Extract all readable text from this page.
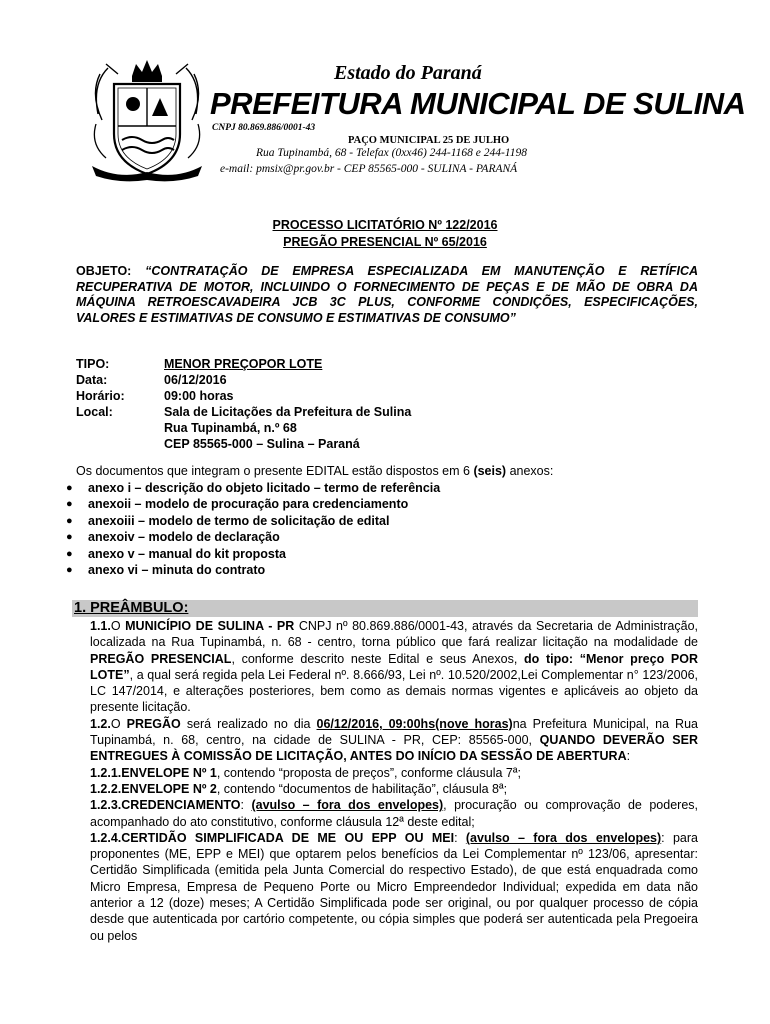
Estado do Paraná
PREFEITURA MUNICIPAL DE SULINA
CNPJ 80.869.886/0001-43
PAÇO MUNICIPAL 25 DE JULHO
Rua Tupinambá, 68 - Telefax (0xx46) 244-1168 e 244-1198
e-mail: pmsix@pr.gov.br - CEP 85565-000 - SULINA - PARANÁ
PROCESSO LICITATÓRIO Nº 122/2016
PREGÃO PRESENCIAL Nº 65/2016
OBJETO: “CONTRATAÇÃO DE EMPRESA ESPECIALIZADA EM MANUTENÇÃO E RETÍFICA RECUPERATIVA DE MOTOR, INCLUINDO O FORNECIMENTO DE PEÇAS E DE MÃO DE OBRA DA MÁQUINA RETROESCAVADEIRA JCB 3C PLUS, CONFORME CONDIÇÕES, ESPECIFICAÇÕES, VALORES E ESTIMATIVAS DE CONSUMO E ESTIMATIVAS DE CONSUMO”
TIPO:	MENOR PREÇOPOR LOTE
Data:	06/12/2016
Horário:	09:00 horas
Local:	Sala de Licitações da Prefeitura de Sulina
Rua Tupinambá, n.º 68
CEP 85565-000 – Sulina – Paraná
Os documentos que integram o presente EDITAL estão dispostos em 6 (seis) anexos:
●	anexo i – descrição do objeto licitado – termo de referência
●	anexoii – modelo de procuração para credenciamento
●	anexoiii – modelo de termo de solicitação de edital
●	anexoiv – modelo de declaração
●	anexo v – manual do kit proposta
●	anexo vi – minuta do contrato
1. PREÂMBULO:

1.1.O MUNICÍPIO DE SULINA - PR CNPJ nº 80.869.886/0001-43, através da Secretaria de Administração, localizada na Rua Tupinambá, n. 68 - centro, torna público que fará realizar licitação na modalidade de PREGÃO PRESENCIAL, conforme descrito neste Edital e seus Anexos, do tipo: “Menor preço POR LOTE”, a qual será regida pela Lei Federal nº. 8.666/93, Lei nº. 10.520/2002,Lei Complementar n° 123/2006, LC 147/2014, e alterações posteriores, bem como as demais normas vigentes e aplicáveis ao objeto da presente licitação.

1.2.O PREGÃO será realizado no dia 06/12/2016, 09:00hs(nove horas)na Prefeitura Municipal, na Rua Tupinambá, n. 68, centro, na cidade de SULINA - PR, CEP: 85565-000, QUANDO DEVERÃO SER ENTREGUES À COMISSÃO DE LICITAÇÃO, ANTES DO INÍCIO DA SESSÃO DE ABERTURA:

1.2.1.ENVELOPE Nº 1, contendo “proposta de preços”, conforme cláusula 7ª;

1.2.2.ENVELOPE Nº 2, contendo “documentos de habilitação”, cláusula 8ª;

1.2.3.CREDENCIAMENTO: (avulso – fora dos envelopes), procuração ou comprovação de poderes, acompanhado do ato constitutivo, conforme cláusula 12ª deste edital;

1.2.4.CERTIDÃO SIMPLIFICADA DE ME OU EPP OU MEI: (avulso – fora dos envelopes): para proponentes (ME, EPP e MEI) que optarem pelos benefícios da Lei Complementar nº 123/06, apresentar: Certidão Simplificada (emitida pela Junta Comercial do respectivo Estado), de que está enquadrada como Micro Empresa, Empresa de Pequeno Porte ou Micro Empreendedor Individual; expedida em data não anterior a 12 (doze) meses; A Certidão Simplificada pode ser original, ou por qualquer processo de cópia desde que autenticada por cartório competente, ou cópia simples que poderá ser autenticada pela Pregoeira ou pelos
